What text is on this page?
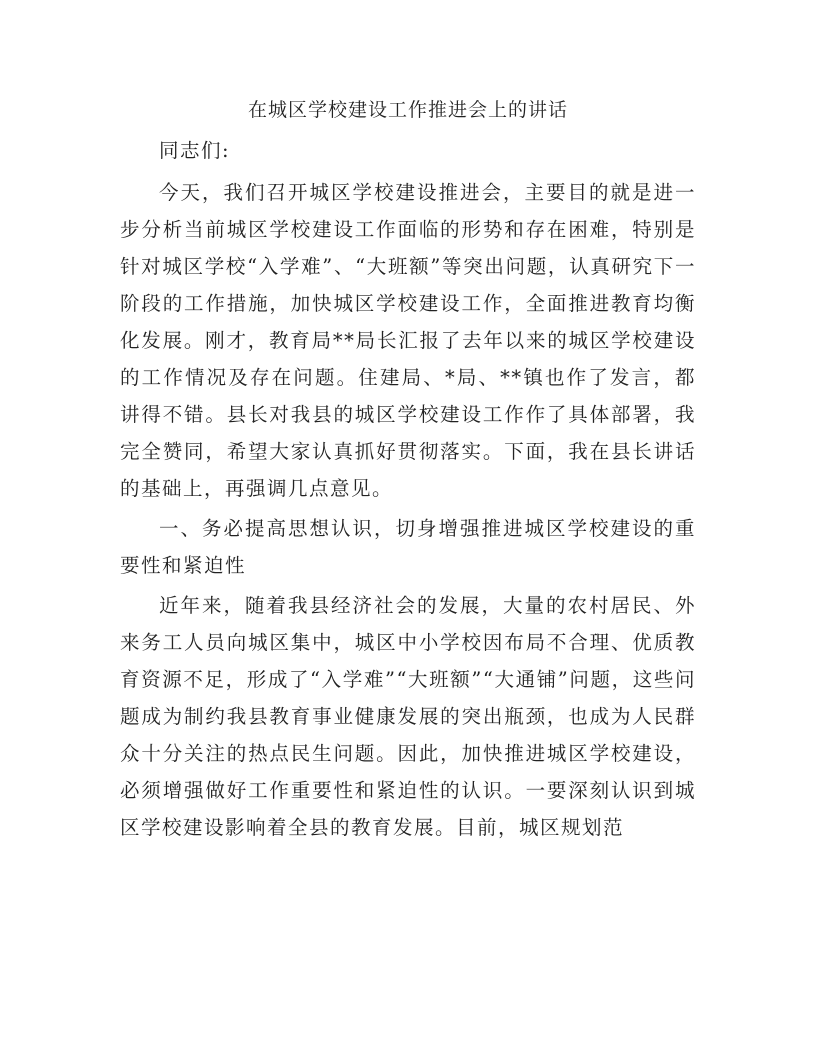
在城区学校建设工作推进会上的讲话

同志们:

今天，我们召开城区学校建设推进会，主要目的就是进一步分析当前城区学校建设工作面临的形势和存在困难，特别是针对城区学校“入学难”、“大班额”等突出问题，认真研究下一阶段的工作措施，加快城区学校建设工作，全面推进教育均衡化发展。刚才，教育局**局长汇报了去年以来的城区学校建设的工作情况及存在问题。住建局、*局、**镇也作了发言，都讲得不错。县长对我县的城区学校建设工作作了具体部署，我完全赞同，希望大家认真抓好贯彻落实。下面，我在县长讲话的基础上，再强调几点意见。

一、务必提高思想认识，切身增强推进城区学校建设的重要性和紧迫性

近年来，随着我县经济社会的发展，大量的农村居民、外来务工人员向城区集中，城区中小学校因布局不合理、优质教育资源不足，形成了“入学难”“大班额”“大通铺”问题，这些问题成为制约我县教育事业健康发展的突出瓶颈，也成为人民群众十分关注的热点民生问题。因此，加快推进城区学校建设，必须增强做好工作重要性和紧迫性的认识。一要深刻认识到城区学校建设影响着全县的教育发展。目前，城区规划范
